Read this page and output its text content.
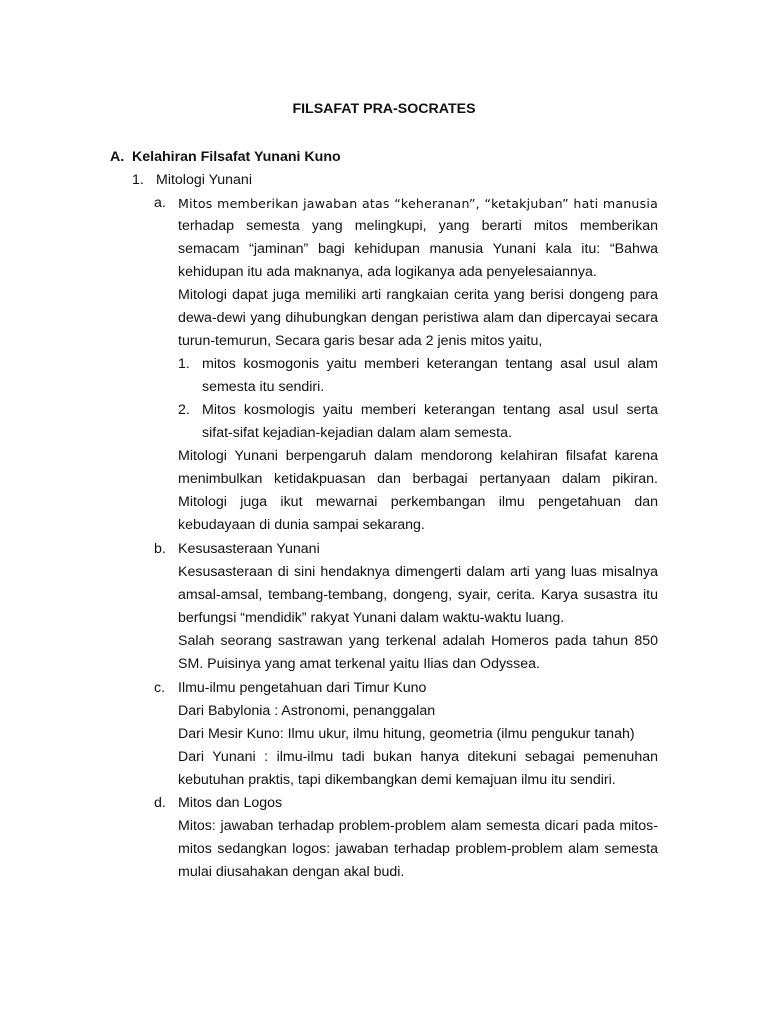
FILSAFAT PRA-SOCRATES
A. Kelahiran Filsafat Yunani Kuno
1. Mitologi Yunani
a. Mitos memberikan jawaban atas “keheranan”, “ketakjuban” hati manusia
terhadap semesta yang melingkupi, yang berarti mitos memberikan
semacam “jaminan” bagi kehidupan manusia Yunani kala itu: “Bahwa
kehidupan itu ada maknanya, ada logikanya ada penyelesaiannya.
Mitologi dapat juga memiliki arti rangkaian cerita yang berisi dongeng para
dewa-dewi yang dihubungkan dengan peristiwa alam dan dipercayai secara
turun-temurun, Secara garis besar ada 2 jenis mitos yaitu,
1. mitos kosmogonis yaitu memberi keterangan tentang asal usul alam
semesta itu sendiri.
2. Mitos kosmologis yaitu memberi keterangan tentang asal usul serta
sifat-sifat kejadian-kejadian dalam alam semesta.
Mitologi Yunani berpengaruh dalam mendorong kelahiran filsafat karena
menimbulkan ketidakpuasan dan berbagai pertanyaan dalam pikiran.
Mitologi juga ikut mewarnai perkembangan ilmu pengetahuan dan
kebudayaan di dunia sampai sekarang.
b. Kesusasteraan Yunani
Kesusasteraan di sini hendaknya dimengerti dalam arti yang luas misalnya
amsal-amsal, tembang-tembang, dongeng, syair, cerita. Karya susastra itu
berfungsi “mendidik” rakyat Yunani dalam waktu-waktu luang.
Salah seorang sastrawan yang terkenal adalah Homeros pada tahun 850
SM. Puisinya yang amat terkenal yaitu Ilias dan Odyssea.
c. Ilmu-ilmu pengetahuan dari Timur Kuno
Dari Babylonia : Astronomi, penanggalan
Dari Mesir Kuno: Ilmu ukur, ilmu hitung, geometria (ilmu pengukur tanah)
Dari Yunani : ilmu-ilmu tadi bukan hanya ditekuni sebagai pemenuhan
kebutuhan praktis, tapi dikembangkan demi kemajuan ilmu itu sendiri.
d. Mitos dan Logos
Mitos: jawaban terhadap problem-problem alam semesta dicari pada mitos-
mitos sedangkan logos: jawaban terhadap problem-problem alam semesta
mulai diusahakan dengan akal budi.
